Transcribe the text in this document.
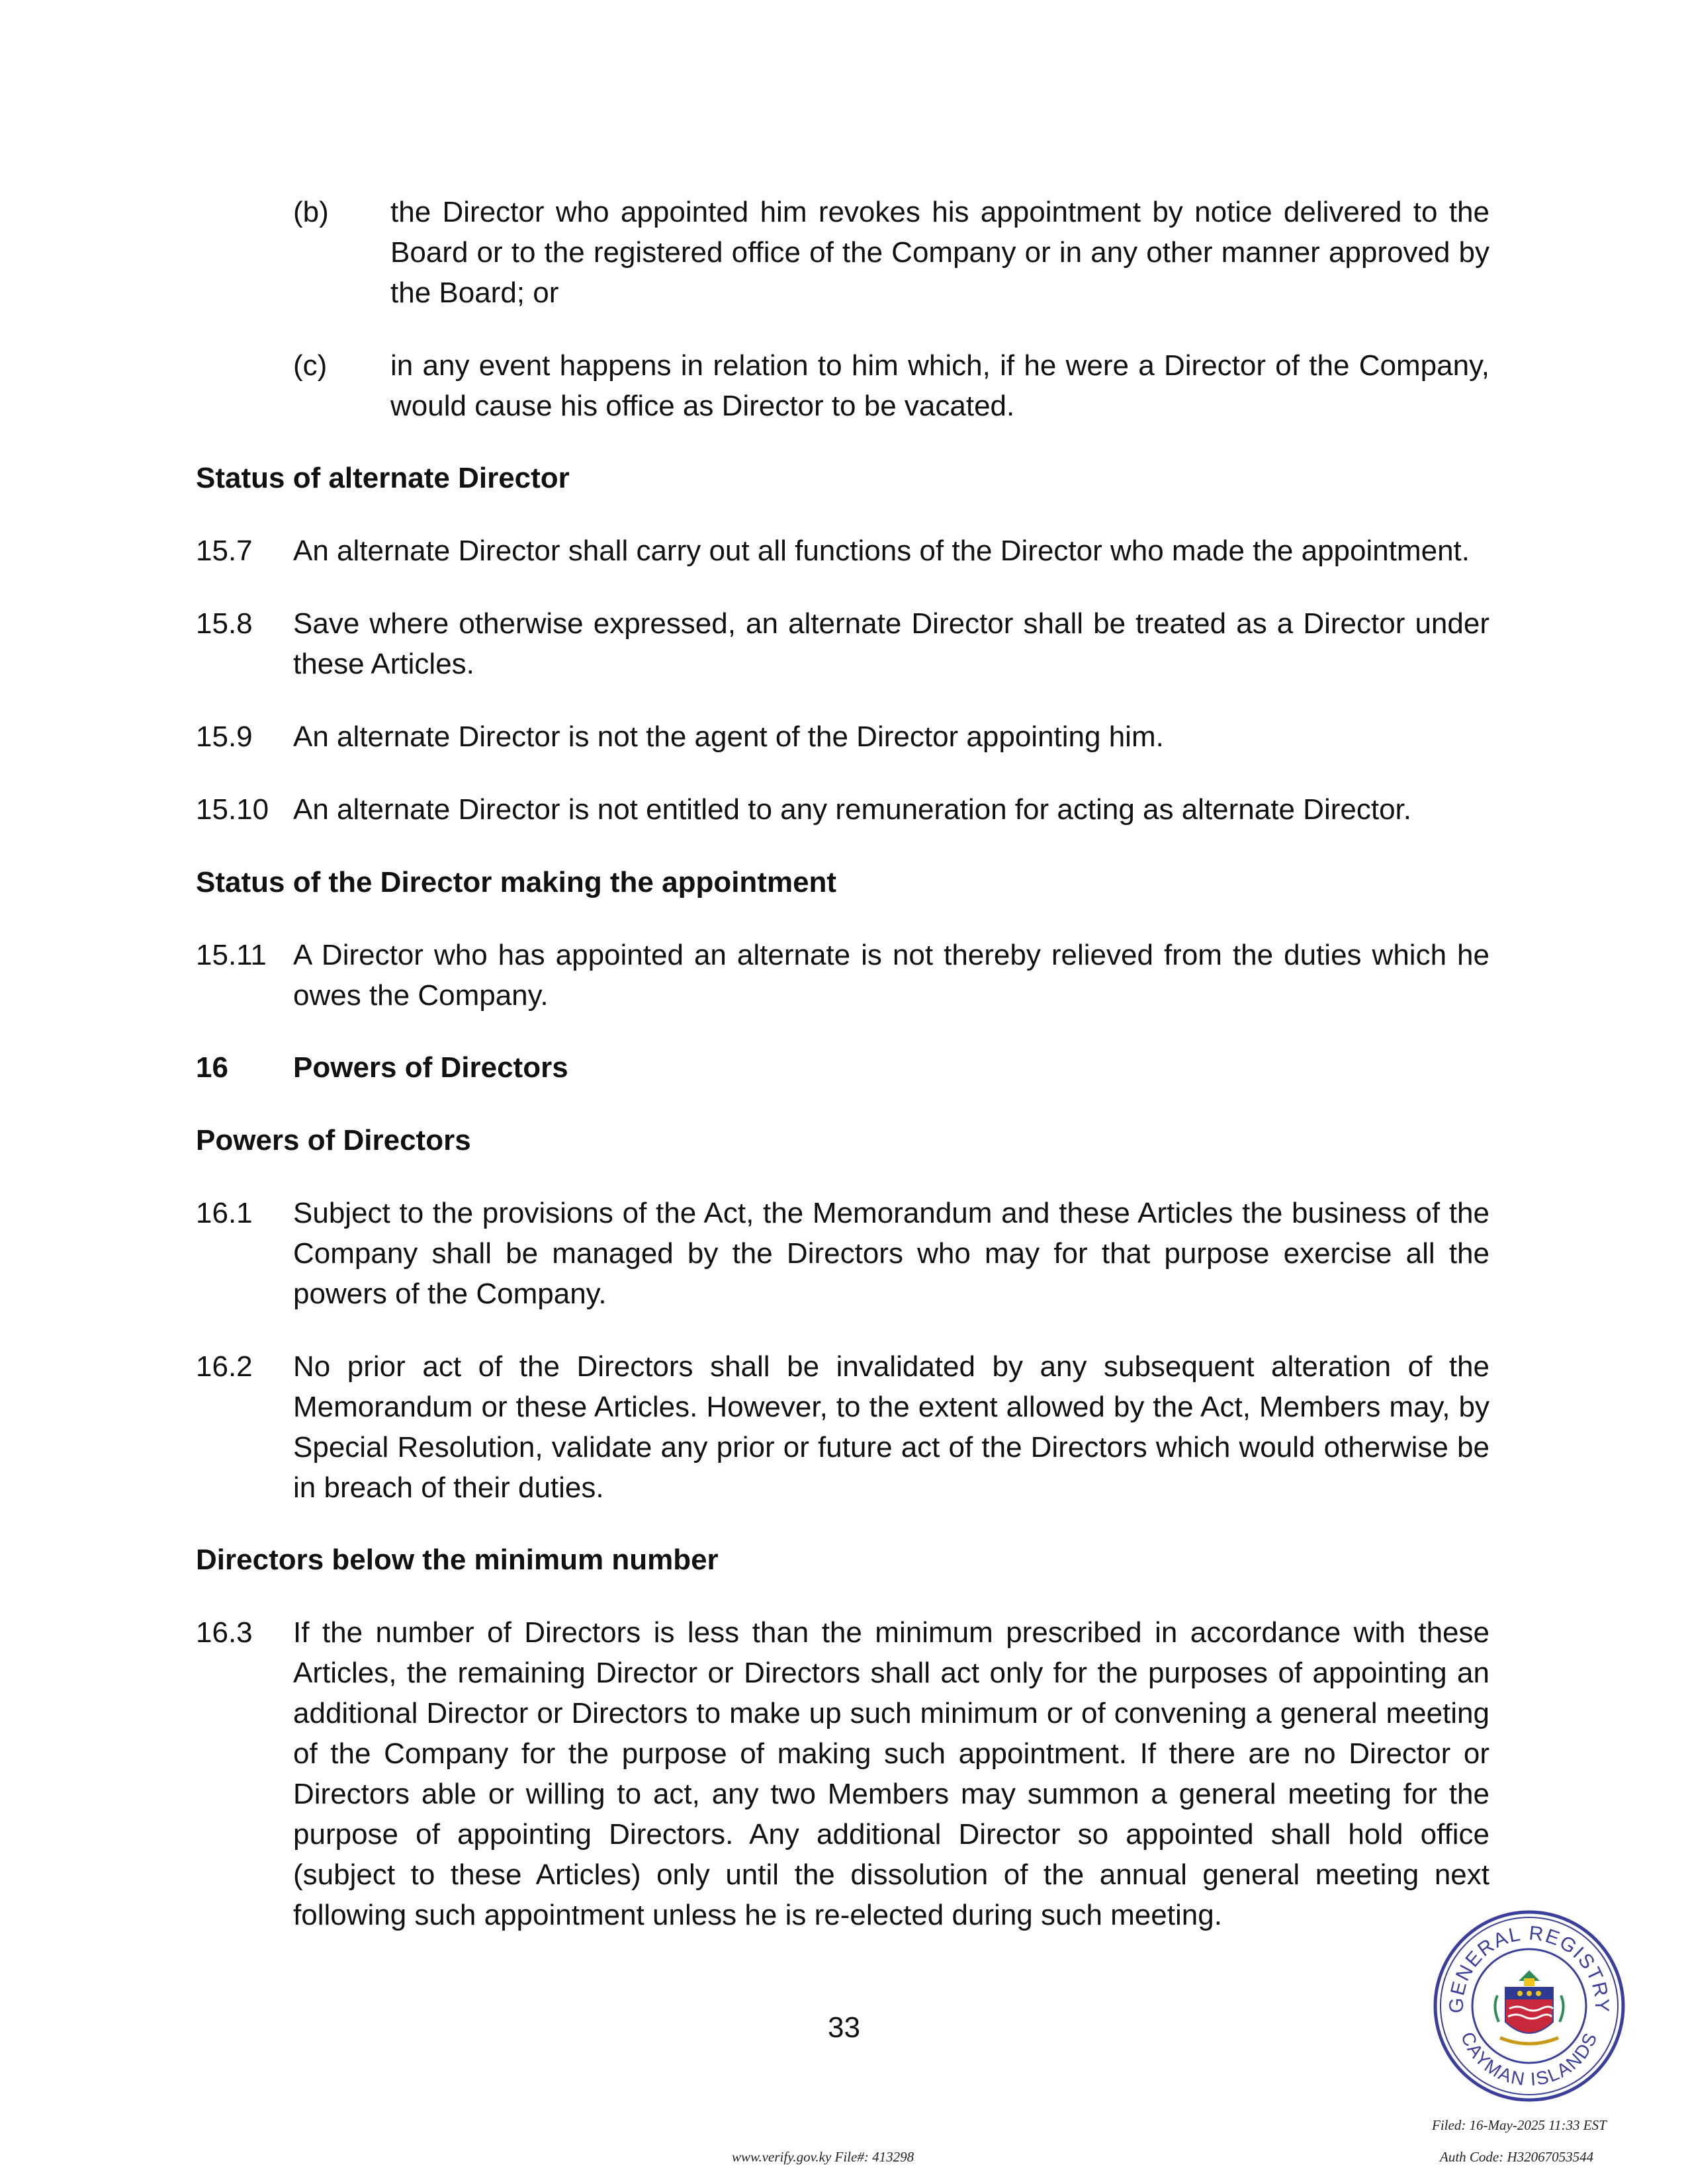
(b) the Director who appointed him revokes his appointment by notice delivered to the Board or to the registered office of the Company or in any other manner approved by the Board; or
(c) in any event happens in relation to him which, if he were a Director of the Company, would cause his office as Director to be vacated.
Status of alternate Director
15.7 An alternate Director shall carry out all functions of the Director who made the appointment.
15.8 Save where otherwise expressed, an alternate Director shall be treated as a Director under these Articles.
15.9 An alternate Director is not the agent of the Director appointing him.
15.10 An alternate Director is not entitled to any remuneration for acting as alternate Director.
Status of the Director making the appointment
15.11 A Director who has appointed an alternate is not thereby relieved from the duties which he owes the Company.
16 Powers of Directors
Powers of Directors
16.1 Subject to the provisions of the Act, the Memorandum and these Articles the business of the Company shall be managed by the Directors who may for that purpose exercise all the powers of the Company.
16.2 No prior act of the Directors shall be invalidated by any subsequent alteration of the Memorandum or these Articles. However, to the extent allowed by the Act, Members may, by Special Resolution, validate any prior or future act of the Directors which would otherwise be in breach of their duties.
Directors below the minimum number
16.3 If the number of Directors is less than the minimum prescribed in accordance with these Articles, the remaining Director or Directors shall act only for the purposes of appointing an additional Director or Directors to make up such minimum or of convening a general meeting of the Company for the purpose of making such appointment. If there are no Director or Directors able or willing to act, any two Members may summon a general meeting for the purpose of appointing Directors. Any additional Director so appointed shall hold office (subject to these Articles) only until the dissolution of the annual general meeting next following such appointment unless he is re-elected during such meeting.
33
GENERAL REGISTRY
CAYMAN ISLANDS
Filed: 16-May-2025 11:33 EST
www.verify.gov.ky File#: 413298	Auth Code: H32067053544
